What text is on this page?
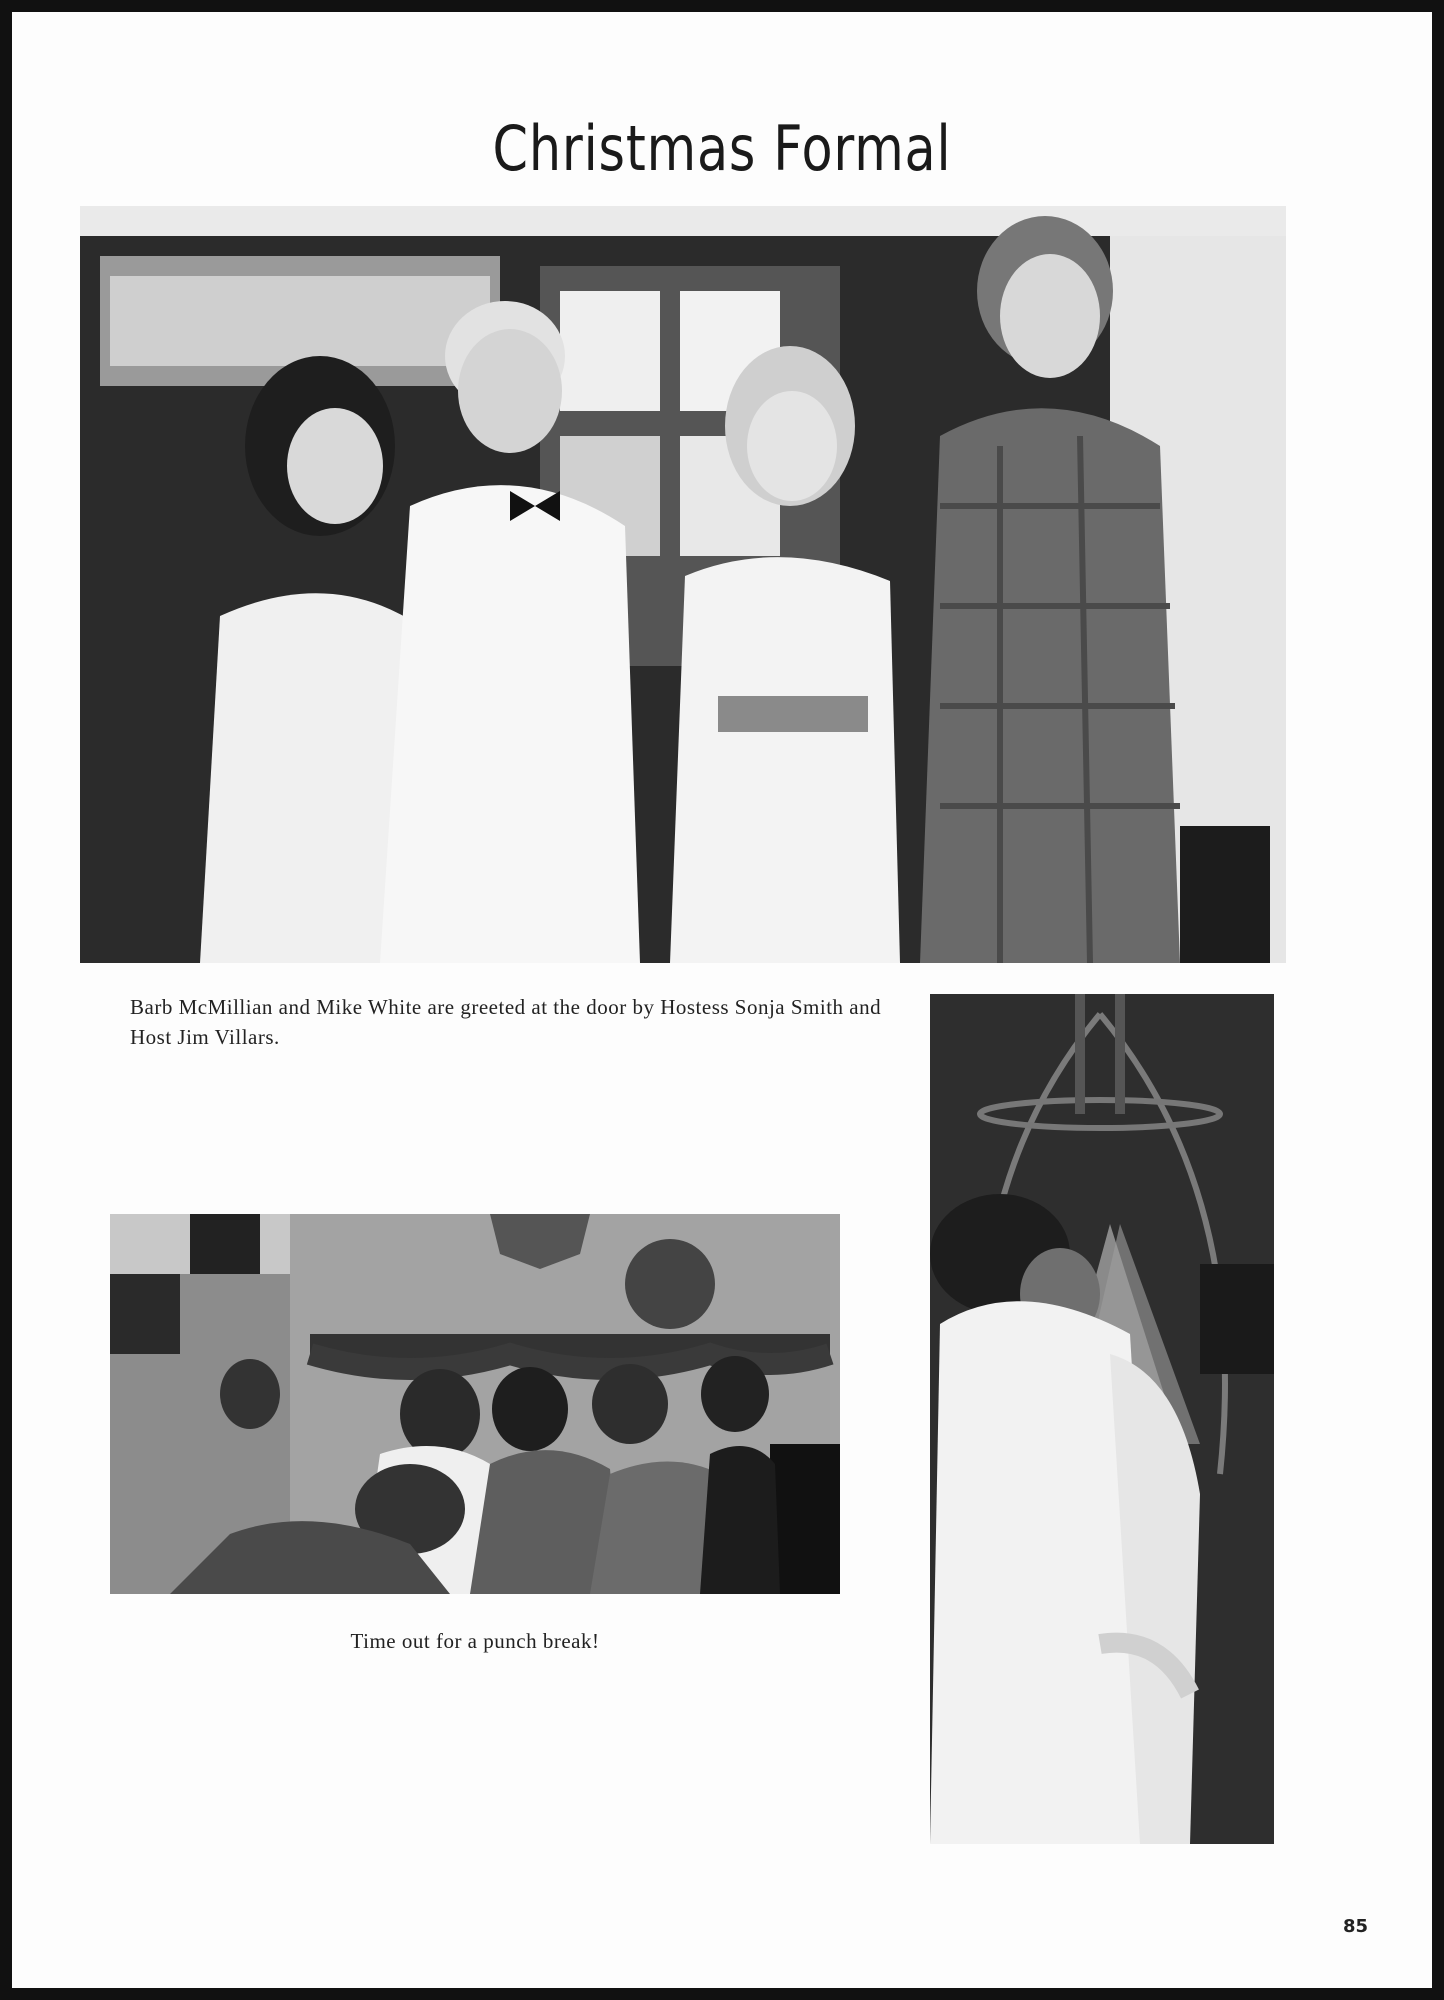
Christmas Formal
Barb McMillian and Mike White are greeted at the door by Hostess Sonja Smith and Host Jim Villars.
Time out for a punch break!
85
